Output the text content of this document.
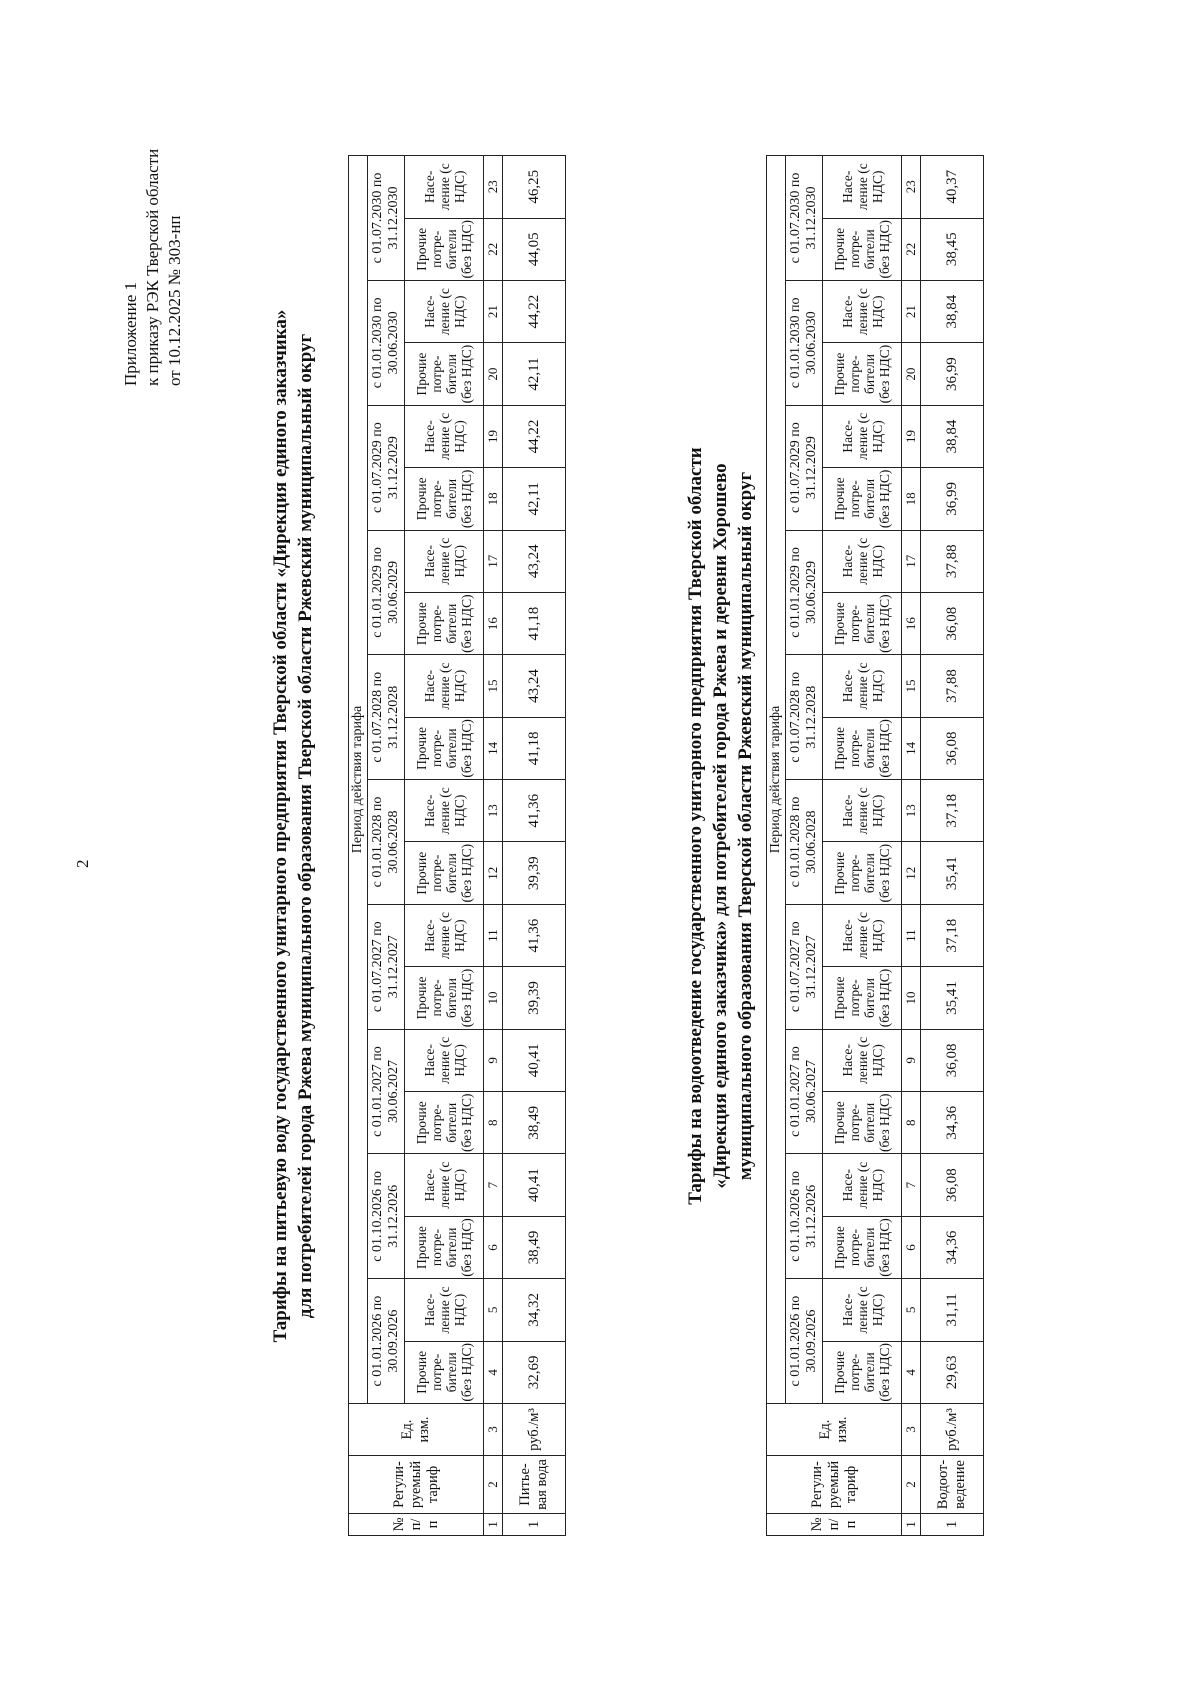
2
Приложение 1 к приказу РЭК Тверской области от 10.12.2025 № 303-нп
Тарифы на питьевую воду государственного унитарного предприятия Тверской области «Дирекция единого заказчика» для потребителей города Ржева муниципального образования Тверской области Ржевский муниципальный округ
№ п/п	Регули-руемый тариф	Ед. изм.	Период действия тарифа																			
			с 01.01.2026 по 30.09.2026		с 01.10.2026 по 31.12.2026		с 01.01.2027 по 30.06.2027		с 01.07.2027 по 31.12.2027		с 01.01.2028 по 30.06.2028		с 01.07.2028 по 31.12.2028		с 01.01.2029 по 30.06.2029		с 01.07.2029 по 31.12.2029		с 01.01.2030 по 30.06.2030		с 01.07.2030 по 31.12.2030	
			Прочие потре-бители (без НДС)	Насе-ление (с НДС)	Прочие потре-бители (без НДС)	Насе-ление (с НДС)	Прочие потре-бители (без НДС)	Насе-ление (с НДС)	Прочие потре-бители (без НДС)	Насе-ление (с НДС)	Прочие потре-бители (без НДС)	Насе-ление (с НДС)	Прочие потре-бители (без НДС)	Насе-ление (с НДС)	Прочие потре-бители (без НДС)	Насе-ление (с НДС)	Прочие потре-бители (без НДС)	Насе-ление (с НДС)	Прочие потре-бители (без НДС)	Насе-ление (с НДС)	Прочие потре-бители (без НДС)	Насе-ление (с НДС)
1	2	3	4	5	6	7	8	9	10	11	12	13	14	15	16	17	18	19	20	21	22	23
1	Питье-вая вода	руб./м³	32,69	34,32	38,49	40,41	38,49	40,41	39,39	41,36	39,39	41,36	41,18	43,24	41,18	43,24	42,11	44,22	42,11	44,22	44,05	46,25
Тарифы на водоотведение государственного унитарного предприятия Тверской области «Дирекция единого заказчика» для потребителей города Ржева и деревни Хорошево муниципального образования Тверской области Ржевский муниципальный округ
№ п/п	Регули-руемый тариф	Ед. изм.	Период действия тарифа																			
			с 01.01.2026 по 30.09.2026		с 01.10.2026 по 31.12.2026		с 01.01.2027 по 30.06.2027		с 01.07.2027 по 31.12.2027		с 01.01.2028 по 30.06.2028		с 01.07.2028 по 31.12.2028		с 01.01.2029 по 30.06.2029		с 01.07.2029 по 31.12.2029		с 01.01.2030 по 30.06.2030		с 01.07.2030 по 31.12.2030	
			Прочие потре-бители (без НДС)	Насе-ление (с НДС)	Прочие потре-бители (без НДС)	Насе-ление (с НДС)	Прочие потре-бители (без НДС)	Насе-ление (с НДС)	Прочие потре-бители (без НДС)	Насе-ление (с НДС)	Прочие потре-бители (без НДС)	Насе-ление (с НДС)	Прочие потре-бители (без НДС)	Насе-ление (с НДС)	Прочие потре-бители (без НДС)	Насе-ление (с НДС)	Прочие потре-бители (без НДС)	Насе-ление (с НДС)	Прочие потре-бители (без НДС)	Насе-ление (с НДС)	Прочие потре-бители (без НДС)	Насе-ление (с НДС)
1	2	3	4	5	6	7	8	9	10	11	12	13	14	15	16	17	18	19	20	21	22	23
1	Водоот-ведение	руб./м³	29,63	31,11	34,36	36,08	34,36	36,08	35,41	37,18	35,41	37,18	36,08	37,88	36,08	37,88	36,99	38,84	36,99	38,84	38,45	40,37
